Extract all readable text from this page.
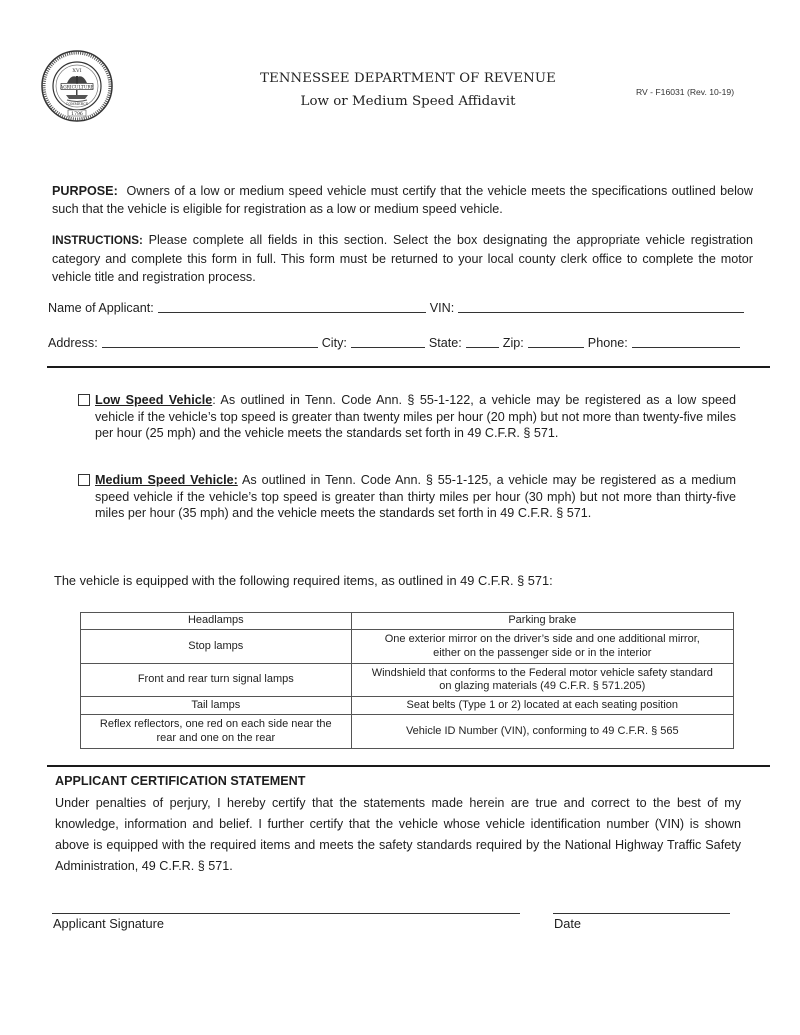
XVI
AGRICULTURE
COMMERCE
1796
TENNESSEE DEPARTMENT OF REVENUE
Low or Medium Speed Affidavit
RV - F16031 (Rev. 10-19)
PURPOSE: Owners of a low or medium speed vehicle must certify that the vehicle meets the specifications outlined below such that the vehicle is eligible for registration as a low or medium speed vehicle.
INSTRUCTIONS: Please complete all fields in this section. Select the box designating the appropriate vehicle registration category and complete this form in full. This form must be returned to your local county clerk office to complete the motor vehicle title and registration process.
Name of Applicant:	VIN:
Address:	City:	State:	Zip:	Phone:
Low Speed Vehicle: As outlined in Tenn. Code Ann. § 55-1-122, a vehicle may be registered as a low speed vehicle if the vehicle’s top speed is greater than twenty miles per hour (20 mph) but not more than twenty-five miles per hour (25 mph) and the vehicle meets the standards set forth in 49 C.F.R. § 571.
Medium Speed Vehicle: As outlined in Tenn. Code Ann. § 55-1-125, a vehicle may be registered as a medium speed vehicle if the vehicle’s top speed is greater than thirty miles per hour (30 mph) but not more than thirty-five miles per hour (35 mph) and the vehicle meets the standards set forth in 49 C.F.R. § 571.
The vehicle is equipped with the following required items, as outlined in 49 C.F.R. § 571:
Headlamps	Parking brake
Stop lamps	One exterior mirror on the driver’s side and one additional mirror, either on the passenger side or in the interior
Front and rear turn signal lamps	Windshield that conforms to the Federal motor vehicle safety standard on glazing materials (49 C.F.R. § 571.205)
Tail lamps	Seat belts (Type 1 or 2) located at each seating position
Reflex reflectors, one red on each side near the rear and one on the rear	Vehicle ID Number (VIN), conforming to 49 C.F.R. § 565
APPLICANT CERTIFICATION STATEMENT
Under penalties of perjury, I hereby certify that the statements made herein are true and correct to the best of my knowledge, information and belief. I further certify that the vehicle whose vehicle identification number (VIN) is shown above is equipped with the required items and meets the safety standards required by the National Highway Traffic Safety Administration, 49 C.F.R. § 571.
Applicant Signature	Date
